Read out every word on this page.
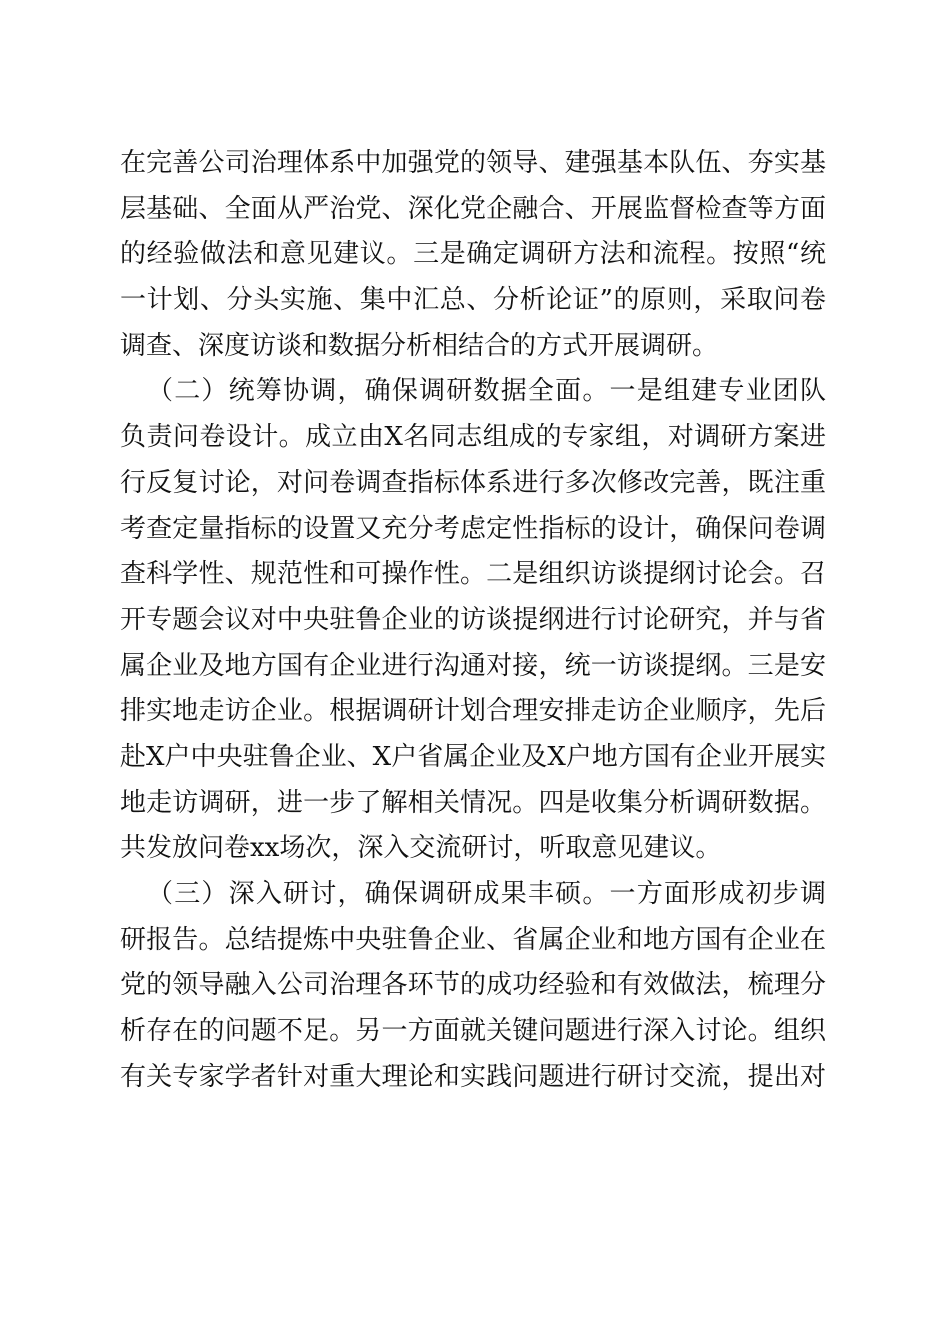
在完善公司治理体系中加强党的领导、建强基本队伍、夯实基
层基础、全面从严治党、深化党企融合、开展监督检查等方面
的经验做法和意见建议。三是确定调研方法和流程。按照“统
一计划、分头实施、集中汇总、分析论证”的原则，采取问卷
调查、深度访谈和数据分析相结合的方式开展调研。
（二）统筹协调，确保调研数据全面。一是组建专业团队
负责问卷设计。成立由X名同志组成的专家组，对调研方案进
行反复讨论，对问卷调查指标体系进行多次修改完善，既注重
考查定量指标的设置又充分考虑定性指标的设计，确保问卷调
查科学性、规范性和可操作性。二是组织访谈提纲讨论会。召
开专题会议对中央驻鲁企业的访谈提纲进行讨论研究，并与省
属企业及地方国有企业进行沟通对接，统一访谈提纲。三是安
排实地走访企业。根据调研计划合理安排走访企业顺序，先后
赴X户中央驻鲁企业、X户省属企业及X户地方国有企业开展实
地走访调研，进一步了解相关情况。四是收集分析调研数据。
共发放问卷xx场次，深入交流研讨，听取意见建议。
（三）深入研讨，确保调研成果丰硕。一方面形成初步调
研报告。总结提炼中央驻鲁企业、省属企业和地方国有企业在
党的领导融入公司治理各环节的成功经验和有效做法，梳理分
析存在的问题不足。另一方面就关键问题进行深入讨论。组织
有关专家学者针对重大理论和实践问题进行研讨交流，提出对
